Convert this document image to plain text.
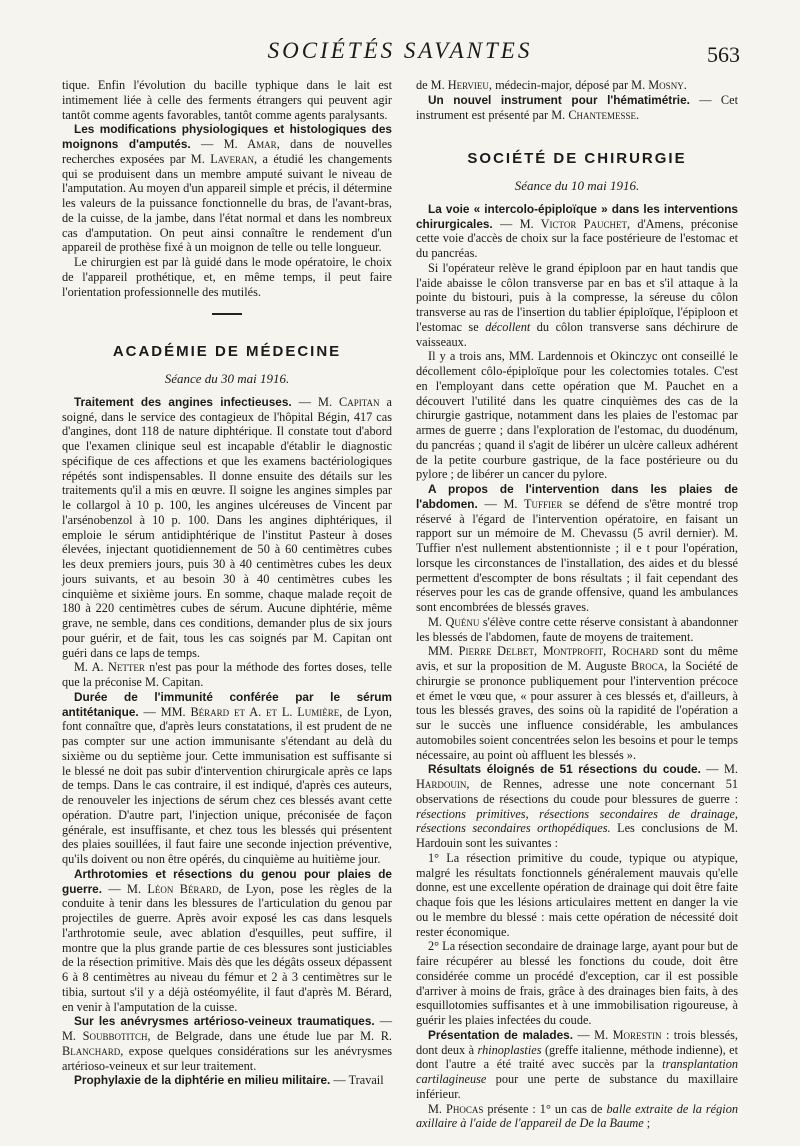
SOCIÉTÉS SAVANTES	563

tique. Enfin l'évolution du bacille typhique dans le lait est intimement liée à celle des ferments étrangers qui peuvent agir tantôt comme agents favorables, tantôt comme agents paralysants.

Les modifications physiologiques et histologiques des moignons d'amputés. — M. Amar, dans de nouvelles recherches exposées par M. Laveran, a étudié les changements qui se produisent dans un membre amputé suivant le niveau de l'amputation. Au moyen d'un appareil simple et précis, il détermine les valeurs de la puissance fonctionnelle du bras, de l'avant-bras, de la cuisse, de la jambe, dans l'état normal et dans les nombreux cas d'amputation. On peut ainsi connaître le rendement d'un appareil de prothèse fixé à un moignon de telle ou telle longueur.

Le chirurgien est par là guidé dans le mode opératoire, le choix de l'appareil prothétique, et, en même temps, il peut faire l'orientation professionnelle des mutilés.

ACADÉMIE DE MÉDECINE
Séance du 30 mai 1916.

Traitement des angines infectieuses. — M. Capitan a soigné, dans le service des contagieux de l'hôpital Bégin, 417 cas d'angines, dont 118 de nature diphtérique. Il constate tout d'abord que l'examen clinique seul est incapable d'établir le diagnostic spécifique de ces affections et que les examens bactériologiques répétés sont indispensables. Il donne ensuite des détails sur les traitements qu'il a mis en œuvre. Il soigne les angines simples par le collargol à 10 p. 100, les angines ulcéreuses de Vincent par l'arsénobenzol à 10 p. 100. Dans les angines diphtériques, il emploie le sérum antidiphtérique de l'institut Pasteur à doses élevées, injectant quotidiennement de 50 à 60 centimètres cubes les deux premiers jours, puis 30 à 40 centimètres cubes les deux jours suivants, et au besoin 30 à 40 centimètres cubes les cinquième et sixième jours. En somme, chaque malade reçoit de 180 à 220 centimètres cubes de sérum. Aucune diphtérie, même grave, ne semble, dans ces conditions, demander plus de six jours pour guérir, et de fait, tous les cas soignés par M. Capitan ont guéri dans ce laps de temps.

M. A. Netter n'est pas pour la méthode des fortes doses, telle que la préconise M. Capitan.

Durée de l'immunité conférée par le sérum antitétanique. — MM. Bérard et A. et L. Lumière, de Lyon, font connaître que, d'après leurs constatations, il est prudent de ne pas compter sur une action immunisante s'étendant au delà du sixième ou du septième jour. Cette immunisation est suffisante si le blessé ne doit pas subir d'intervention chirurgicale après ce laps de temps. Dans le cas contraire, il est indiqué, d'après ces auteurs, de renouveler les injections de sérum chez ces blessés avant cette opération. D'autre part, l'injection unique, préconisée de façon générale, est insuffisante, et chez tous les blessés qui présentent des plaies souillées, il faut faire une seconde injection préventive, qu'ils doivent ou non être opérés, du cinquième au huitième jour.

Arthrotomies et résections du genou pour plaies de guerre. — M. Léon Bérard, de Lyon, pose les règles de la conduite à tenir dans les blessures de l'articulation du genou par projectiles de guerre. Après avoir exposé les cas dans lesquels l'arthrotomie seule, avec ablation d'esquilles, peut suffire, il montre que la plus grande partie de ces blessures sont justiciables de la résection primitive. Mais dès que les dégâts osseux dépassent 6 à 8 centimètres au niveau du fémur et 2 à 3 centimètres sur le tibia, surtout s'il y a déjà ostéomyélite, il faut d'après M. Bérard, en venir à l'amputation de la cuisse.

Sur les anévrysmes artérioso-veineux traumatiques. — M. Soubbotitch, de Belgrade, dans une étude lue par M. R. Blanchard, expose quelques considérations sur les anévrysmes artérioso-veineux et sur leur traitement.

Prophylaxie de la diphtérie en milieu militaire. — Travail

de M. Hervieu, médecin-major, déposé par M. Mosny.

Un nouvel instrument pour l'hématimétrie. — Cet instrument est présenté par M. Chantemesse.

SOCIÉTÉ DE CHIRURGIE
Séance du 10 mai 1916.

La voie « intercolo-épiploïque » dans les interventions chirurgicales. — M. Victor Pauchet, d'Amens, préconise cette voie d'accès de choix sur la face postérieure de l'estomac et du pancréas.

Si l'opérateur relève le grand épiploon par en haut tandis que l'aide abaisse le côlon transverse par en bas et s'il attaque à la pointe du bistouri, puis à la compresse, la séreuse du côlon transverse au ras de l'insertion du tablier épiploïque, l'épiploon et l'estomac se décollent du côlon transverse sans déchirure de vaisseaux.

Il y a trois ans, MM. Lardennois et Okinczyc ont conseillé le décollement côlo-épiploïque pour les colectomies totales. C'est en l'employant dans cette opération que M. Pauchet en a découvert l'utilité dans les quatre cinquièmes des cas de la chirurgie gastrique, notamment dans les plaies de l'estomac par armes de guerre ; dans l'exploration de l'estomac, du duodénum, du pancréas ; quand il s'agit de libérer un ulcère calleux adhérent de la petite courbure gastrique, de la face postérieure ou du pylore ; de libérer un cancer du pylore.

A propos de l'intervention dans les plaies de l'abdomen. — M. Tuffier se défend de s'être montré trop réservé à l'égard de l'intervention opératoire, en faisant un rapport sur un mémoire de M. Chevassu (5 avril dernier). M. Tuffier n'est nullement abstentionniste ; il e t pour l'opération, lorsque les circonstances de l'installation, des aides et du blessé permettent d'escompter de bons résultats ; il fait cependant des réserves pour les cas de grande offensive, quand les ambulances sont encombrées de blessés graves.

M. Quénu s'élève contre cette réserve consistant à abandonner les blessés de l'abdomen, faute de moyens de traitement.

MM. Pierre Delbet, Montprofit, Rochard sont du même avis, et sur la proposition de M. Auguste Broca, la Société de chirurgie se prononce publiquement pour l'intervention précoce et émet le vœu que, « pour assurer à ces blessés et, d'ailleurs, à tous les blessés graves, des soins où la rapidité de l'opération a sur le succès une influence considérable, les ambulances automobiles soient concentrées selon les besoins et pour le temps nécessaire, au point où affluent les blessés ».

Résultats éloignés de 51 résections du coude. — M. Hardouin, de Rennes, adresse une note concernant 51 observations de résections du coude pour blessures de guerre : résections primitives, résections secondaires de drainage, résections secondaires orthopédiques. Les conclusions de M. Hardouin sont les suivantes :

1° La résection primitive du coude, typique ou atypique, malgré les résultats fonctionnels généralement mauvais qu'elle donne, est une excellente opération de drainage qui doit être faite chaque fois que les lésions articulaires mettent en danger la vie ou le membre du blessé : mais cette opération de nécessité doit rester économique.

2° La résection secondaire de drainage large, ayant pour but de faire récupérer au blessé les fonctions du coude, doit être considérée comme un procédé d'exception, car il est possible d'arriver à moins de frais, grâce à des drainages bien faits, à des esquillotomies suffisantes et à une immobilisation rigoureuse, à guérir les plaies infectées du coude.

Présentation de malades. — M. Morestin : trois blessés, dont deux à rhinoplasties (greffe italienne, méthode indienne), et dont l'autre a été traité avec succès par la transplantation cartilagineuse pour une perte de substance du maxillaire inférieur.

M. Phocas présente : 1° un cas de balle extraite de la région axillaire à l'aide de l'appareil de De la Baume ;
